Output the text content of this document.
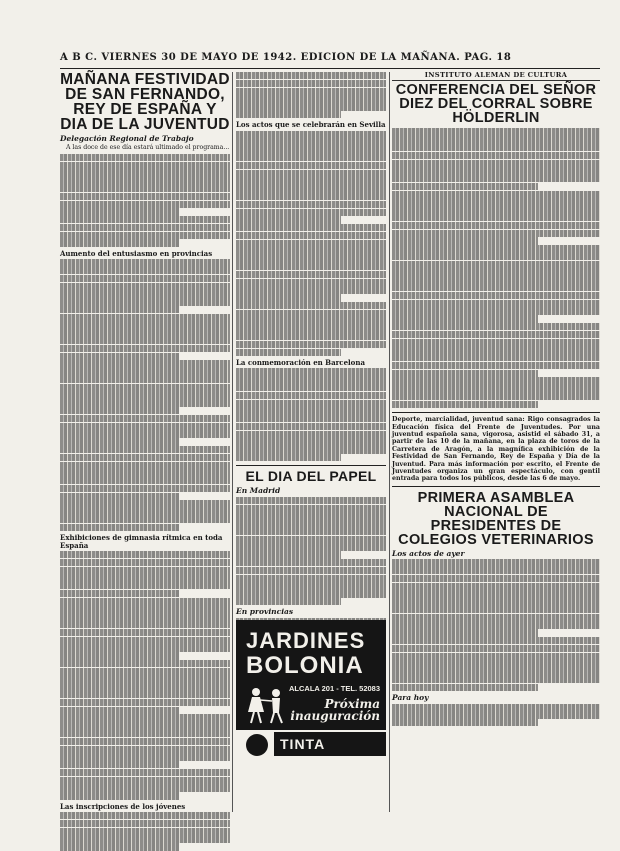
A B C. VIERNES 30 DE MAYO DE 1942. EDICION DE LA MAÑANA. PAG. 18
MAÑANA FESTIVIDAD DE SAN FERNANDO, REY DE ESPAÑA Y DIA DE LA JUVENTUD
Delegación Regional de Trabajo

A las doce de ese día estará ultimado el programa...

Aumento del entusiasmo en provincias
Exhibiciones de gimnasia rítmica en toda España
Las inscripciones de los jóvenes
Los actos que se celebrarán en Sevilla
La conmemoración en Barcelona
EL DIA DEL PAPEL
En Madrid
En provincias
JARDINES
BOLONIA
ALCALA 201 - TEL. 52083
Próxima
inauguración
TINTA SAMAS
INSTITUTO ALEMAN DE CULTURA
CONFERENCIA DEL SEÑOR DIEZ DEL CORRAL SOBRE HÖLDERLIN
Deporte, marcialidad, juventud sana: Rigo consagrados la Educación física del Frente de Juventudes. Por una juventud española sana, vigorosa, asistid el sábado 31, a partir de las 10 de la mañana, en la plaza de toros de la Carretera de Aragón, a la magnífica exhibición de la Festividad de San Fernando, Rey de España y Día de la Juventud. Para más información por escrito, el Frente de Juventudes organiza un gran espectáculo, con gentil entrada para todos los públicos, desde las 6 de mayo.
PRIMERA ASAMBLEA NACIONAL DE PRESIDENTES DE COLEGIOS VETERINARIOS
Los actos de ayer
Para hoy
